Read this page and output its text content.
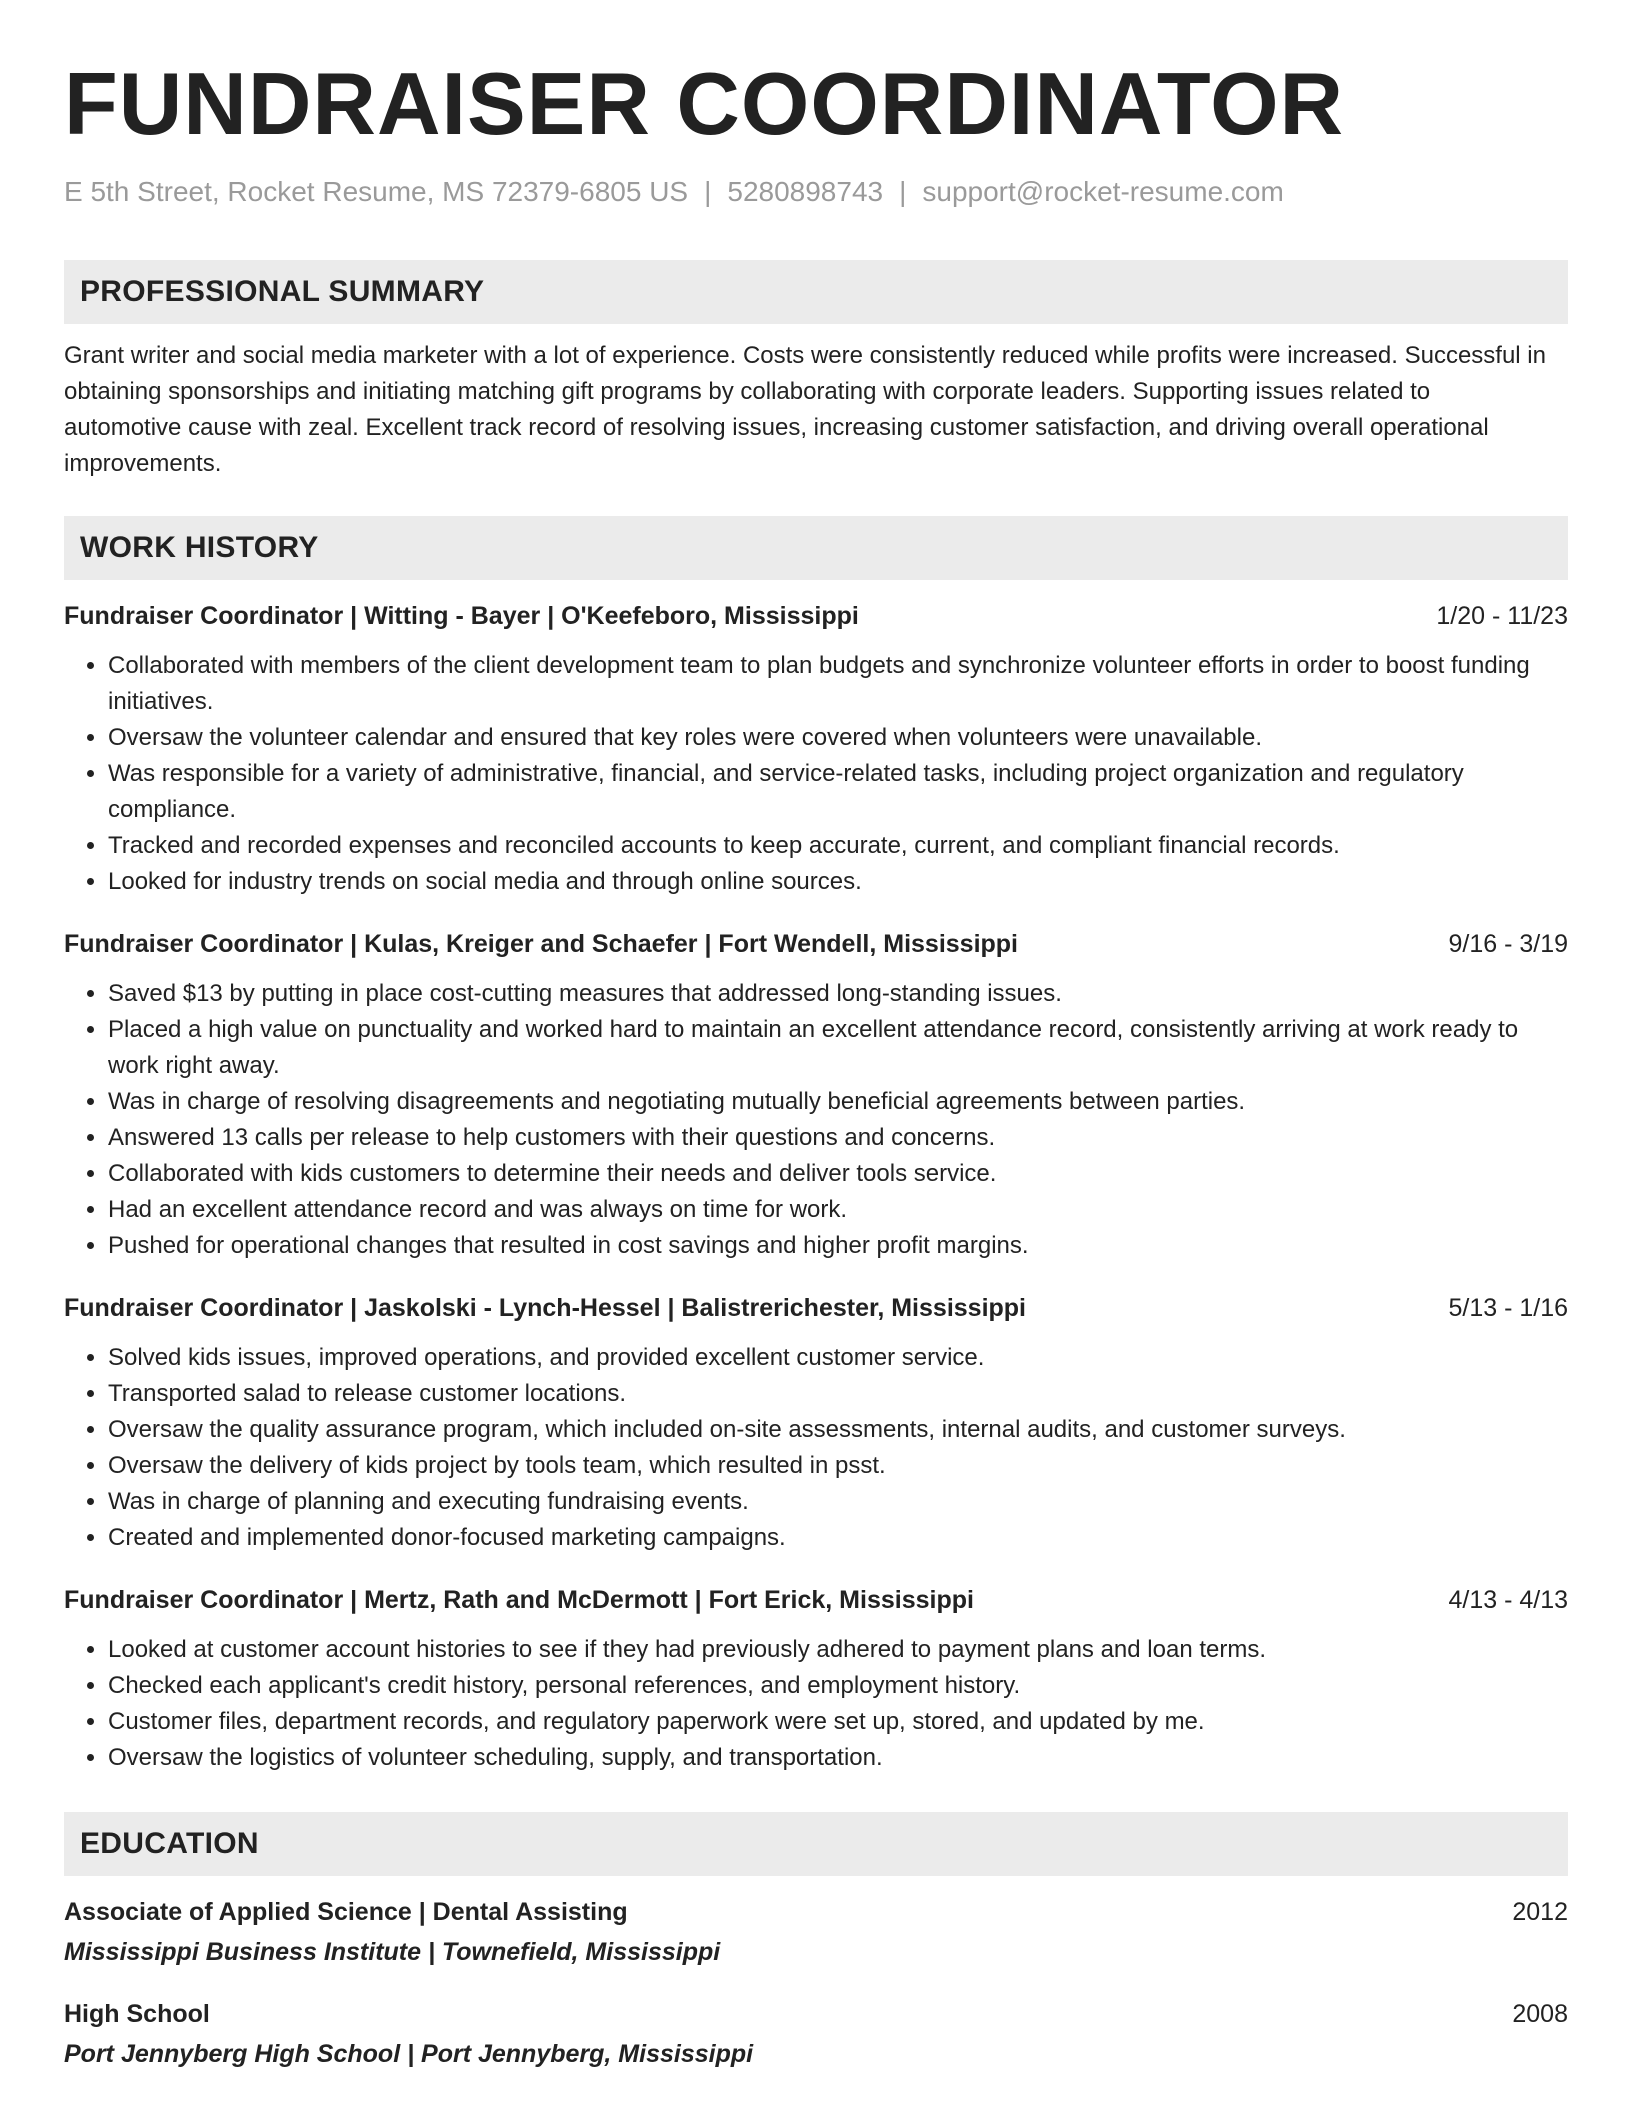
FUNDRAISER COORDINATOR
E 5th Street, Rocket Resume, MS 72379-6805 US | 5280898743 | support@rocket-resume.com
PROFESSIONAL SUMMARY
Grant writer and social media marketer with a lot of experience. Costs were consistently reduced while profits were increased. Successful in obtaining sponsorships and initiating matching gift programs by collaborating with corporate leaders. Supporting issues related to automotive cause with zeal. Excellent track record of resolving issues, increasing customer satisfaction, and driving overall operational improvements.
WORK HISTORY
Fundraiser Coordinator | Witting - Bayer | O'Keefeboro, Mississippi	1/20 - 11/23
• Collaborated with members of the client development team to plan budgets and synchronize volunteer efforts in order to boost funding initiatives.
• Oversaw the volunteer calendar and ensured that key roles were covered when volunteers were unavailable.
• Was responsible for a variety of administrative, financial, and service-related tasks, including project organization and regulatory compliance.
• Tracked and recorded expenses and reconciled accounts to keep accurate, current, and compliant financial records.
• Looked for industry trends on social media and through online sources.
Fundraiser Coordinator | Kulas, Kreiger and Schaefer | Fort Wendell, Mississippi	9/16 - 3/19
• Saved $13 by putting in place cost-cutting measures that addressed long-standing issues.
• Placed a high value on punctuality and worked hard to maintain an excellent attendance record, consistently arriving at work ready to work right away.
• Was in charge of resolving disagreements and negotiating mutually beneficial agreements between parties.
• Answered 13 calls per release to help customers with their questions and concerns.
• Collaborated with kids customers to determine their needs and deliver tools service.
• Had an excellent attendance record and was always on time for work.
• Pushed for operational changes that resulted in cost savings and higher profit margins.
Fundraiser Coordinator | Jaskolski - Lynch-Hessel | Balistrerichester, Mississippi	5/13 - 1/16
• Solved kids issues, improved operations, and provided excellent customer service.
• Transported salad to release customer locations.
• Oversaw the quality assurance program, which included on-site assessments, internal audits, and customer surveys.
• Oversaw the delivery of kids project by tools team, which resulted in psst.
• Was in charge of planning and executing fundraising events.
• Created and implemented donor-focused marketing campaigns.
Fundraiser Coordinator | Mertz, Rath and McDermott | Fort Erick, Mississippi	4/13 - 4/13
• Looked at customer account histories to see if they had previously adhered to payment plans and loan terms.
• Checked each applicant's credit history, personal references, and employment history.
• Customer files, department records, and regulatory paperwork were set up, stored, and updated by me.
• Oversaw the logistics of volunteer scheduling, supply, and transportation.
EDUCATION
Associate of Applied Science | Dental Assisting	2012
Mississippi Business Institute | Townefield, Mississippi
High School	2008
Port Jennyberg High School | Port Jennyberg, Mississippi
